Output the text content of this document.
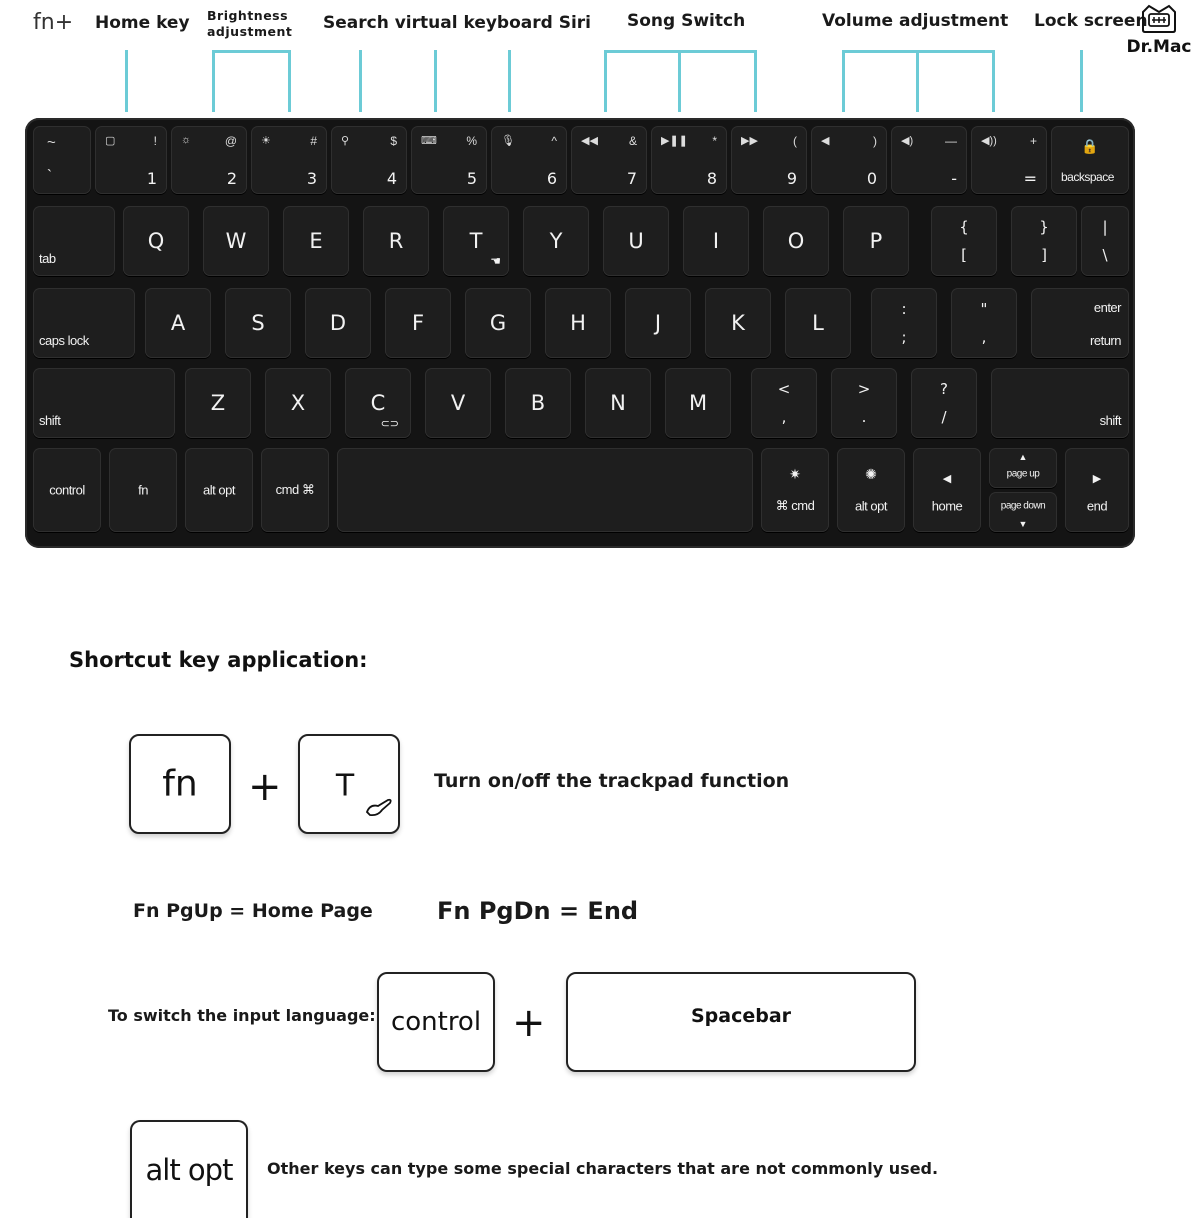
fn+ Home key Brightness
adjustment Search virtual keyboard Siri Song Switch	Volume adjustment Lock screen
Dr.Mac
~
`
▢	!
1
☼	@
2
☀	#
3
⚲	$
4
⌨ %
5
🎙	^
6
◀◀	&
7
▶❚❚ *
8
▶▶	(
9
◀	)
0
◀)	—
-
◀))	+
=
🔒
backspace
tab
{
[
}
]
|
\
caps lock
:
;
"
,
enter
return
shift
<
,
>
.
?
/	shift
control	fn	alt opt	cmd ⌘
✷
⌘ cmd
✺
alt opt
◀
home
▲
page up
page down
▼
▶
end
Shortcut key application:
fn	+	T	Turn on/off the trackpad function
Fn PgUp = Home Page	Fn PgDn = End
To switch the input language: control +	Spacebar
alt opt	Other keys can type some special characters that are not commonly used.
Q	W	E	R	T
☚
Y	U	I	O	P
A	S	D	F	G	H	J	K	L
Z	X	C
⊂⊃
V	B	N	M
